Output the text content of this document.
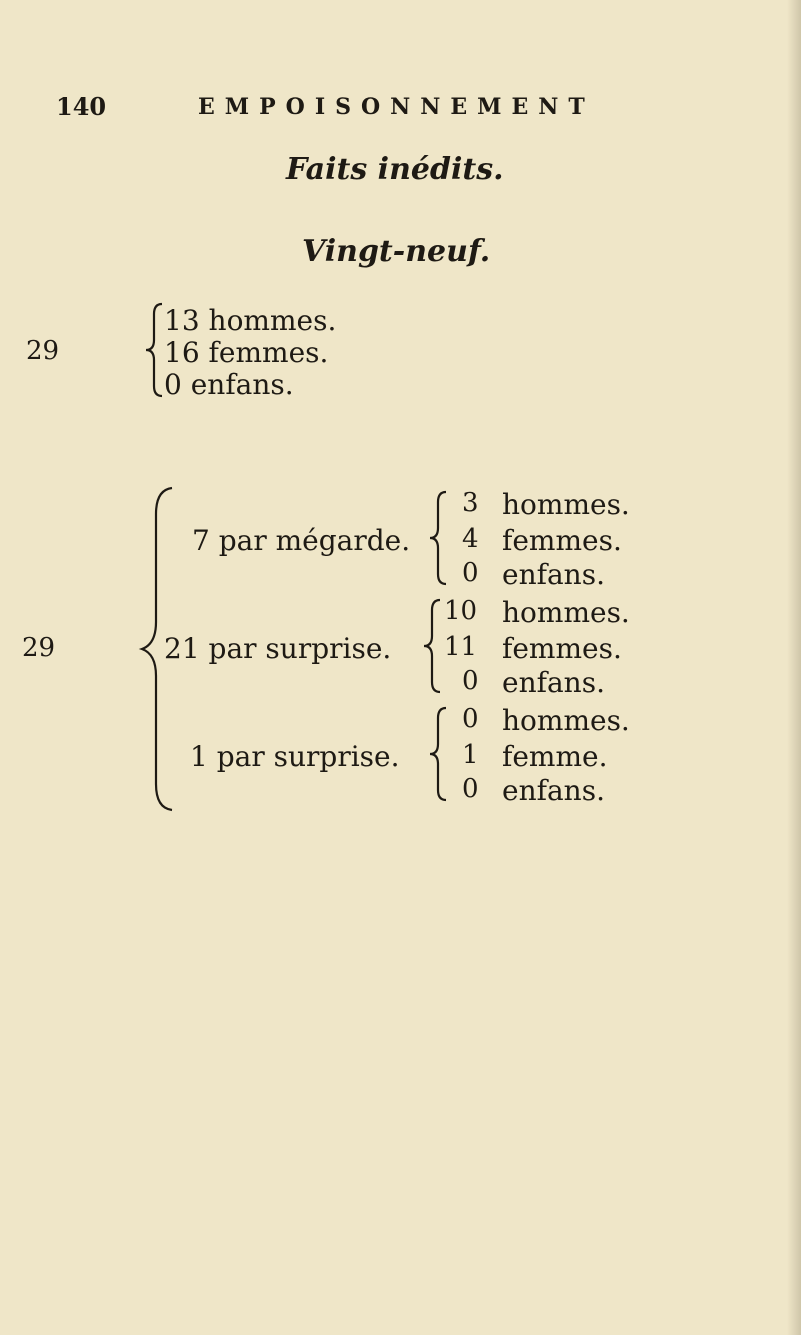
140	EMPOISONNEMENT
Faits inédits.
Vingt-neuf.
29
13 hommes.
16 femmes.
0 enfans.
29
7 par mégarde.
3 hommes.
4 femmes.
0 enfans.
21 par surprise.
10 hommes.
11 femmes.
0 enfans.
1 par surprise.
0 hommes.
1 femme.
0 enfans.
